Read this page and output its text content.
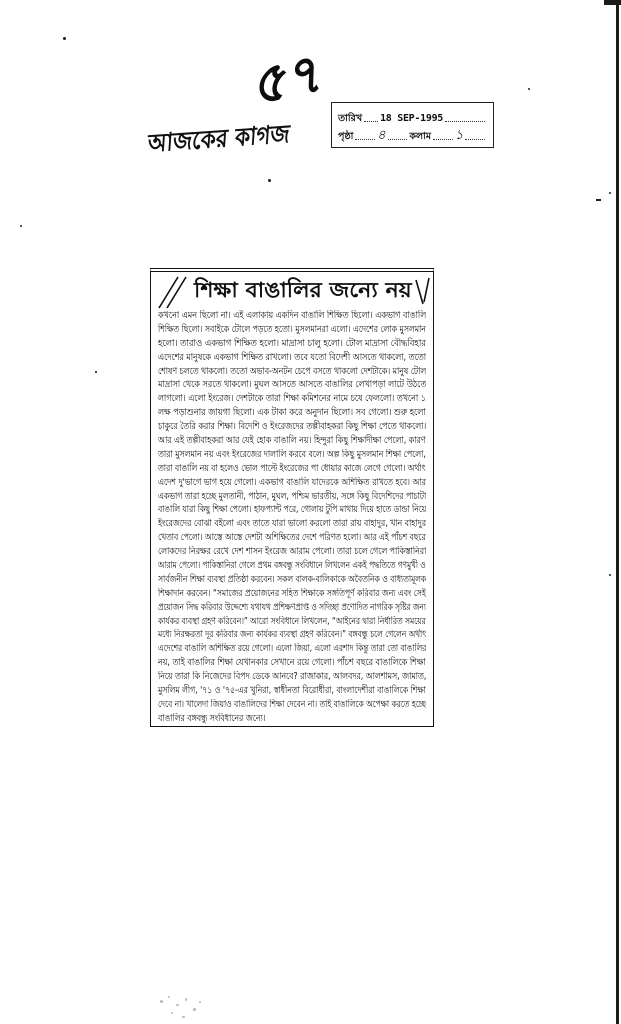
৫৭
আজকের কাগজ
তারিখ 18 SEP-1995
পৃষ্ঠা ৪ কলাম ১
শিক্ষা বাঙালির জন্যে নয়
কখনো এমন ছিলো না। এই এলাকায় একদিন বাঙালি শিক্ষিত ছিলো। একভাগ বাঙালি
শিক্ষিত ছিলো। সবাইকে টোলে পড়তে হতো। মুসলমানরা এলো। এদেশের লোক মুসলমান
হলো। তারাও একভাগ শিক্ষিত হলো। মাদ্রাসা চালু হলো। টোল মাদ্রাসা বৌদ্ধবিহার
এদেশের মানুষকে একভাগ শিক্ষিত রাখলো। তবে যতো বিদেশী আসতে থাকলো, ততো
শোষণ চলতে থাকলো। ততো অভাব-অনটন চেপে বসতে থাকলো দেশটাকে। মানুষ টোল
মাদ্রাসা থেকে সরতে থাকলো। মুঘল আসতে আসতে বাঙালির লেখাপড়া লাটে উঠতে
লাগলো। এলো ইংরেজ। দেশটাকে তারা শিক্ষা কমিশনের নামে চষে ফেললো। তখনো ১
লক্ষ পড়াশুনার জায়গা ছিলো। এক টাকা করে অনুদান ছিলো। সব গেলো। শুরু হলো
চাকুরে তৈরি করার শিক্ষা। বিদেশি ও ইংরেজদের তল্পীবাহকরা কিছু শিক্ষা পেতে থাকলো।
আর এই তল্পীবাহকরা আর যেই হোক বাঙালি নয়। হিন্দুরা কিছু শিক্ষাদীক্ষা পেলো, কারণ
তারা মুসলমান নয় এবং ইংরেজের দালালি করবে বলে। অল্প কিছু মুসলমান শিক্ষা পেলো,
তারা বাঙালি নয় বা হলেও ভোল পাল্টে ইংরেজের পা ধোয়ার কাজে লেগে গেলো। অর্থাৎ
এদেশ দু'ভাগে ভাগ হয়ে গেলো। একভাগ বাঙালি যাদেরকে অশিক্ষিত রাখতে হবে। আর
একভাগ তারা হচ্ছে মুলতানী, পাঠান, মুঘল, পশ্চিম ভারতীয়, সঙ্গে কিছু বিদেশিদের পাচাটা
বাঙালি যারা কিছু শিক্ষা পেলো। হাফপ্যান্ট পরে, গোলায় টুপি মাথায় দিয়ে হাতে ডান্ডা নিয়ে
ইংরেজদের বোঝা বইলো এবং তাতে যারা ভালো করলো তারা রায় বাহাদুর, খান বাহাদুর
খেতাব পেলো। আস্তে আস্তে দেশটা অশিক্ষিতের দেশে পরিণত হলো। আর এই পাঁচশ বছরে
লোকদের নিরক্ষর রেখে দেশ শাসন ইংরেজ আরাম পেলো। তারা চলে গেলে পাকিস্তানিরা
আরাম পেলো। পাকিস্তানিরা গেলে প্রথম বঙ্গবন্ধু সংবিধানে লিখলেন একই পদ্ধতিতে গণমুখী ও
সার্বজনীন শিক্ষা ব্যবস্থা প্রতিষ্ঠা করবেন। সকল বালক-বালিকাকে অবৈতনিক ও বাধ্যতামূলক
শিক্ষাদান করবেন। “সমাজের প্রয়োজনের সহিত শিক্ষাকে সঙ্গতিপূর্ণ করিবার জন্য এবং সেই
প্রয়োজন সিদ্ধ করিবার উদ্দেশ্যে যথাযথ প্রশিক্ষণপ্রাপ্ত ও সদিচ্ছা প্রণোদিত নাগরিক সৃষ্টির জন্য
কার্যকর ব্যবস্থা গ্রহণ করিবেন।” আরো সংবিধানে লিখলেন, “আইনের দ্বারা নির্ধারিত সময়ের
মধ্যে নিরক্ষরতা দূর করিবার জন্য কার্যকর ব্যবস্থা গ্রহণ করিবেন।” বঙ্গবন্ধু চলে গেলেন অর্থাৎ
এদেশের বাঙালি অশিক্ষিত রয়ে গেলো। এলো জিয়া, এলো এরশাদ কিন্তু তারা তো বাঙালির
নয়, তাই বাঙালির শিক্ষা যেখানকার সেখানে রয়ে গেলো। পাঁচশ বছরে বাঙালিকে শিক্ষা
নিয়ে তারা কি নিজেদের বিপদ ডেকে আনবে? রাজাকার, আলবদর, আলশামস, জামাত,
মুসলিম লীগ, '৭১ ও '৭৫-এর খুনিরা, স্বাধীনতা বিরোধীরা, বাংলাদেশীরা বাঙালিকে শিক্ষা
দেবে না। খালেদা জিয়াও বাঙালিদের শিক্ষা দেবেন না। তাই বাঙালিকে অপেক্ষা করতে হচ্ছে
বাঙালির বঙ্গবন্ধু সংবিধানের জন্যে।
